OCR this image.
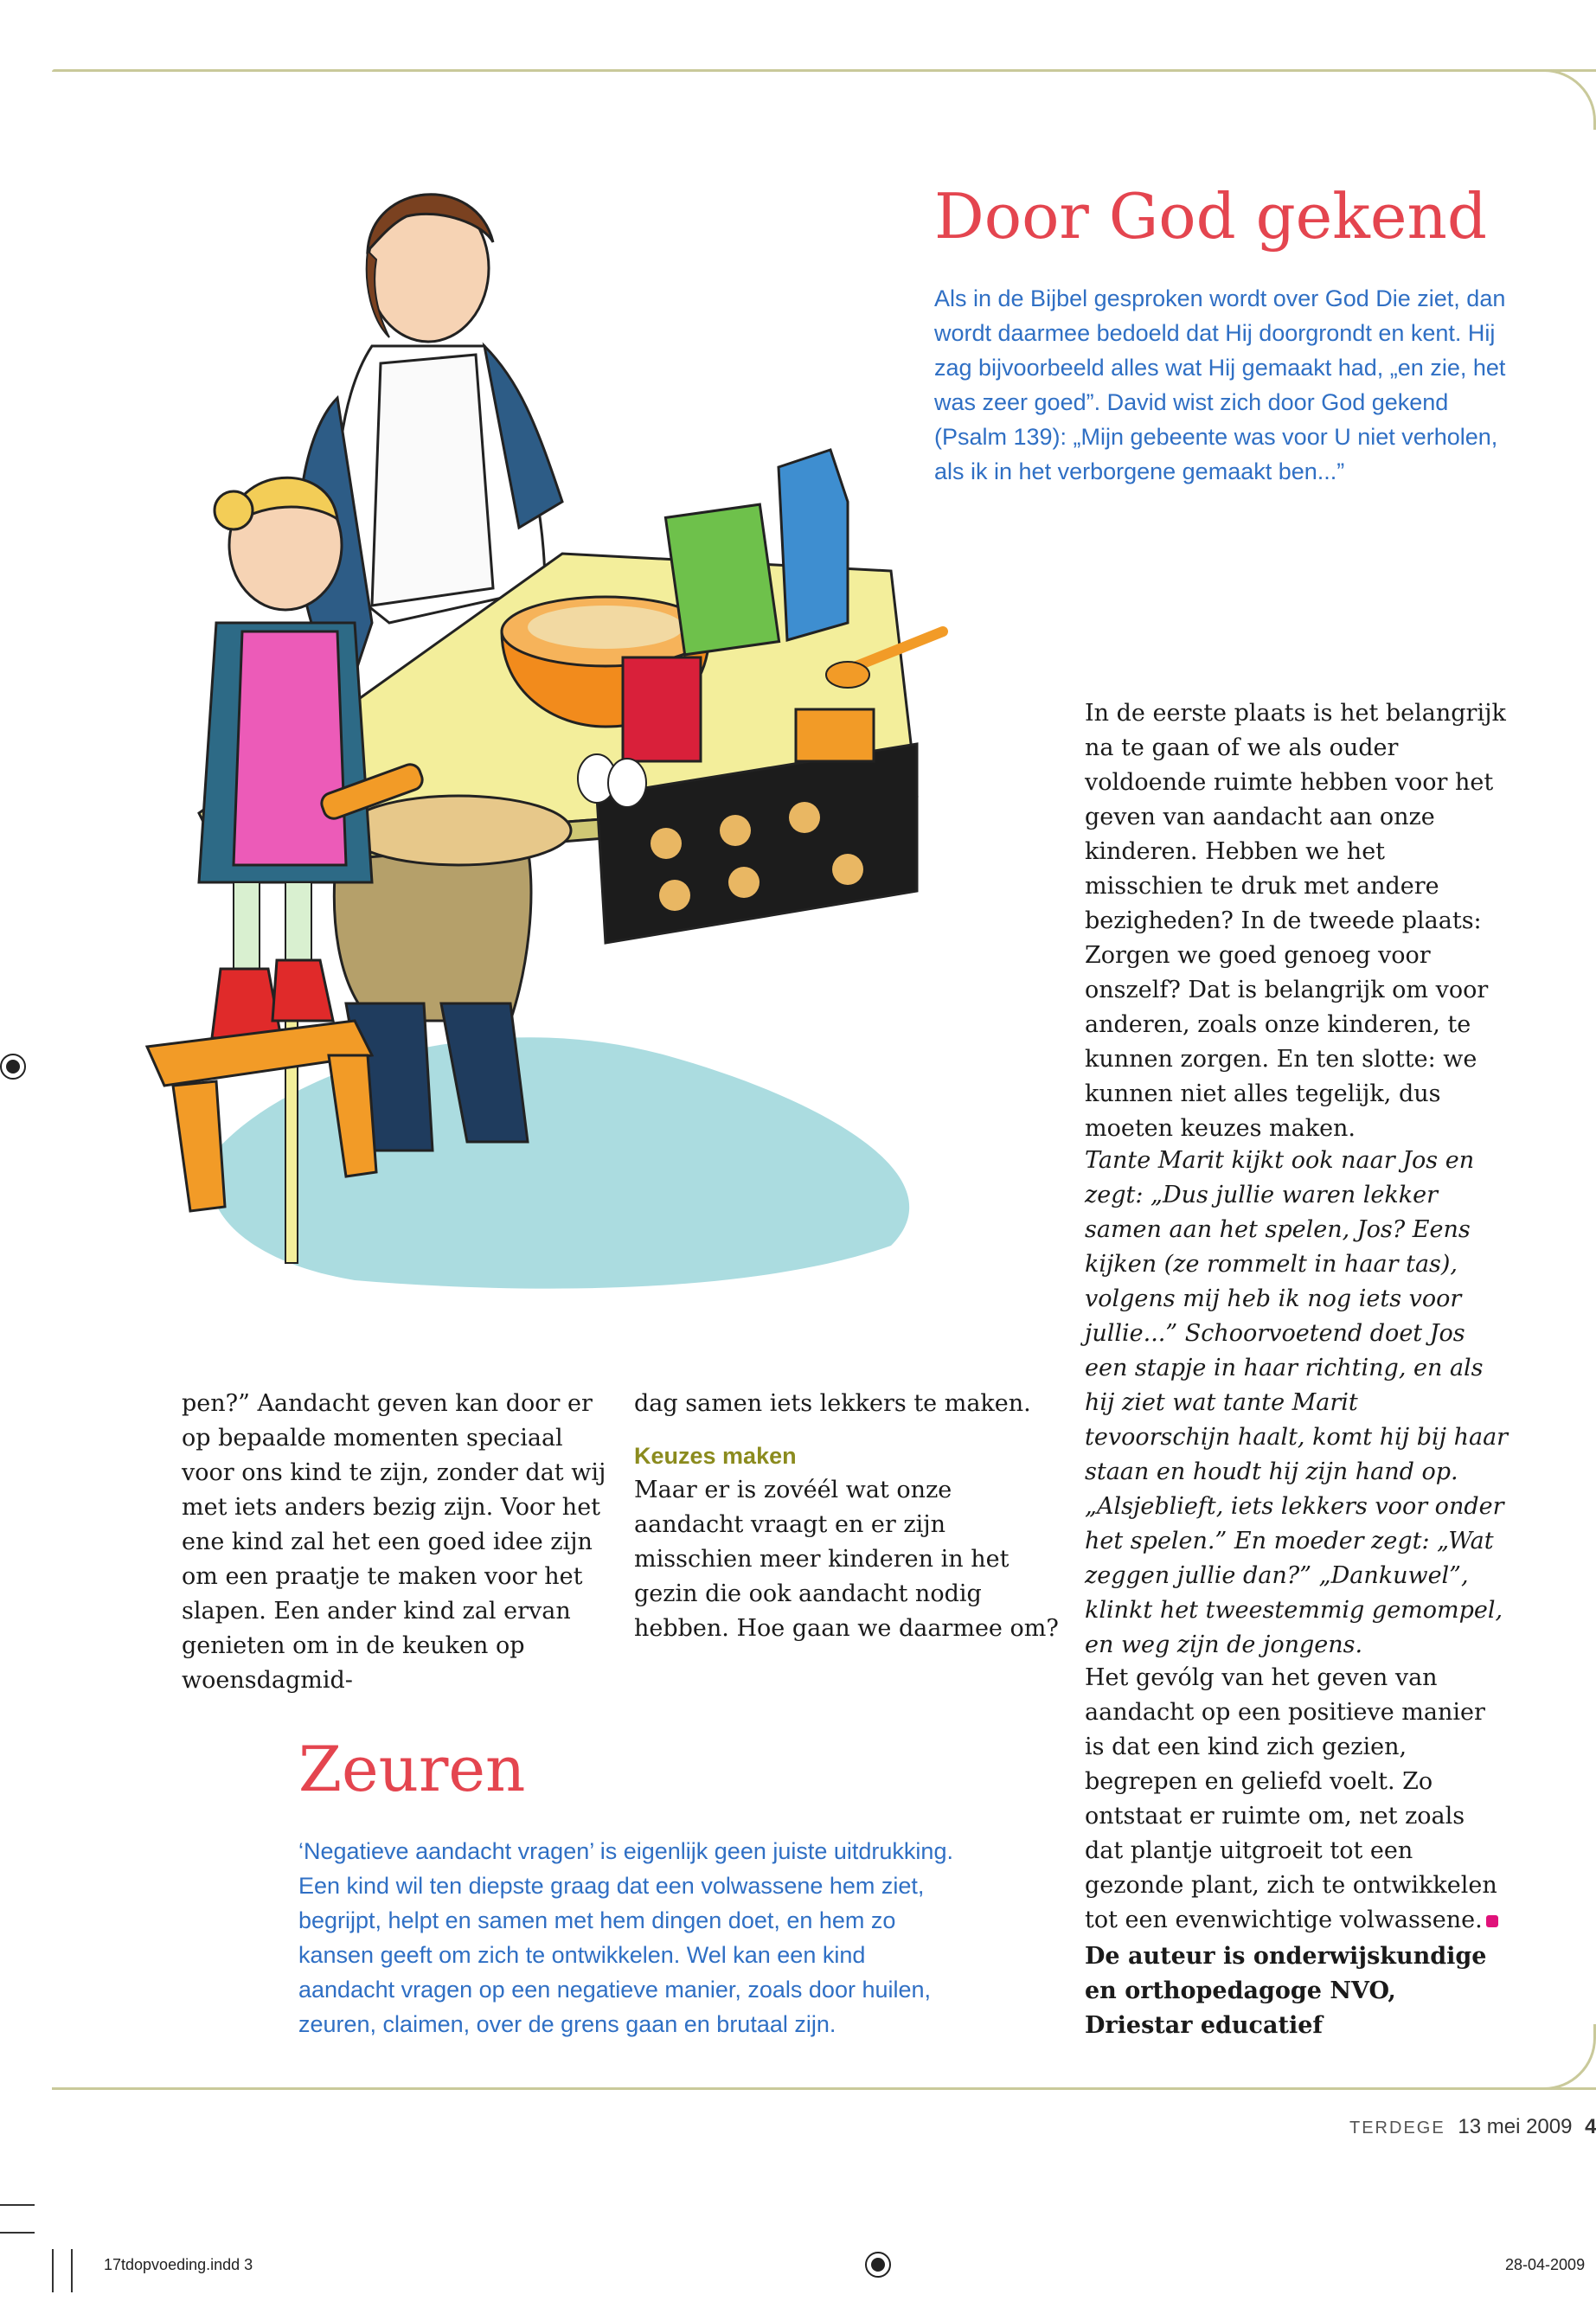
Door God gekend

Als in de Bijbel gesproken wordt over God Die ziet, dan wordt daarmee bedoeld dat Hij doorgrondt en kent. Hij zag bijvoorbeeld alles wat Hij gemaakt had, „en zie, het was zeer goed”. David wist zich door God gekend (Psalm 139): „Mijn gebeente was voor U niet verholen, als ik in het verborgene gemaakt ben...”

In de eerste plaats is het belangrijk na te gaan of we als ouder voldoende ruimte hebben voor het geven van aandacht aan onze kinderen. Hebben we het misschien te druk met andere bezigheden? In de tweede plaats: Zorgen we goed genoeg voor onszelf? Dat is belangrijk om voor anderen, zoals onze kinderen, te kunnen zorgen. En ten slotte: we kunnen niet alles tegelijk, dus moeten keuzes maken.

Tante Marit kijkt ook naar Jos en zegt: „Dus jullie waren lekker samen aan het spelen, Jos? Eens kijken (ze rommelt in haar tas), volgens mij heb ik nog iets voor jullie...” Schoorvoetend doet Jos een stapje in haar richting, en als hij ziet wat tante Marit tevoorschijn haalt, komt hij bij haar staan en houdt hij zijn hand op. „Alsjeblieft, iets lekkers voor onder het spelen.” En moeder zegt: „Wat zeggen jullie dan?” „Dankuwel”, klinkt het tweestemmig gemompel, en weg zijn de jongens.

Het gevólg van het geven van aandacht op een positieve manier is dat een kind zich gezien, begrepen en geliefd voelt. Zo ontstaat er ruimte om, net zoals dat plantje uitgroeit tot een gezonde plant, zich te ontwikkelen tot een evenwichtige volwassene.

De auteur is onderwijskundige en orthopedagoge NVO, Driestar educatief

pen?” Aandacht geven kan door er op bepaalde momenten speciaal voor ons kind te zijn, zonder dat wij met iets anders bezig zijn. Voor het ene kind zal het een goed idee zijn om een praatje te maken voor het slapen. Een ander kind zal ervan genieten om in de keuken op woensdagmid-

dag samen iets lekkers te maken.

Keuzes maken

Maar er is zovéél wat onze aandacht vraagt en er zijn misschien meer kinderen in het gezin die ook aandacht nodig hebben. Hoe gaan we daarmee om?

Zeuren

‘Negatieve aandacht vragen’ is eigenlijk geen juiste uitdrukking. Een kind wil ten diepste graag dat een volwassene hem ziet, begrijpt, helpt en samen met hem dingen doet, en hem zo kansen geeft om zich te ontwikkelen. Wel kan een kind aandacht vragen op een negatieve manier, zoals door huilen, zeuren, claimen, over de grens gaan en brutaal zijn.

TERDEGE 13 mei 2009 4
17tdopvoeding.indd 3	28-04-2009
